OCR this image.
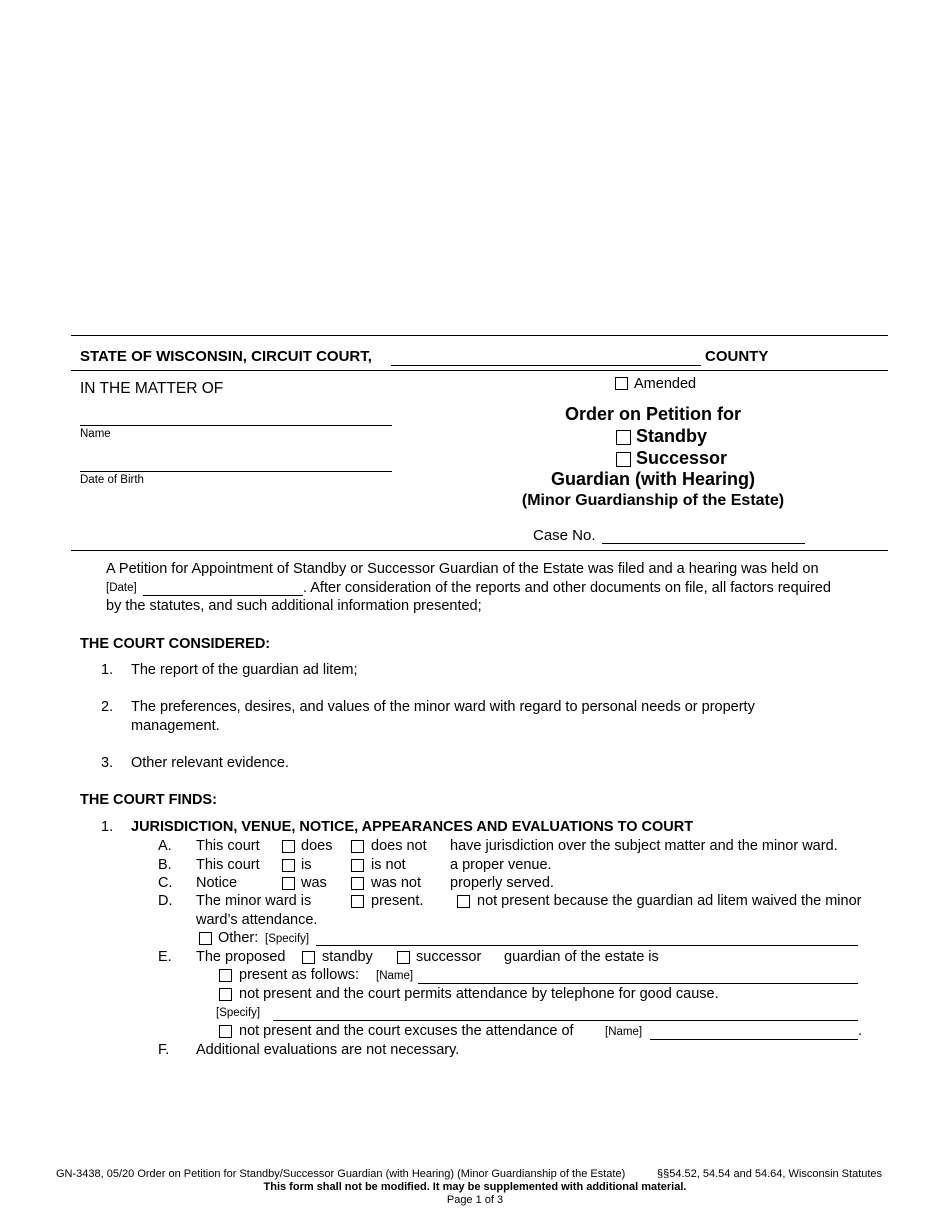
STATE OF WISCONSIN, CIRCUIT COURT,	COUNTY
IN THE MATTER OF
Name
Date of Birth
Amended
Order on Petition for
Standby
Successor
Guardian (with Hearing)
(Minor Guardianship of the Estate)
Case No.
A Petition for Appointment of Standby or Successor Guardian of the Estate was filed and a hearing was held on
[Date]	. After consideration of the reports and other documents on file, all factors required
by the statutes, and such additional information presented;
THE COURT CONSIDERED:
1. The report of the guardian ad litem;
2. The preferences, desires, and values of the minor ward with regard to personal needs or property
management.
3. Other relevant evidence.
THE COURT FINDS:
1. JURISDICTION, VENUE, NOTICE, APPEARANCES AND EVALUATIONS TO COURT
A. This court	does	does not have jurisdiction over the subject matter and the minor ward.
B. This court	is	is not	a proper venue.
C. Notice	was	was not properly served.
D. The minor ward is	present.	not present because the guardian ad litem waived the minor
ward’s attendance.
Other: [Specify]
E. The proposed	standby	successor guardian of the estate is
present as follows: [Name]
not present and the court permits attendance by telephone for good cause.
[Specify]
not present and the court excuses the attendance of	[Name]	.
F. Additional evaluations are not necessary.
GN-3438, 05/20 Order on Petition for Standby/Successor Guardian (with Hearing) (Minor Guardianship of the Estate)	§§54.52, 54.54 and 54.64, Wisconsin Statutes
This form shall not be modified. It may be supplemented with additional material.
Page 1 of 3
